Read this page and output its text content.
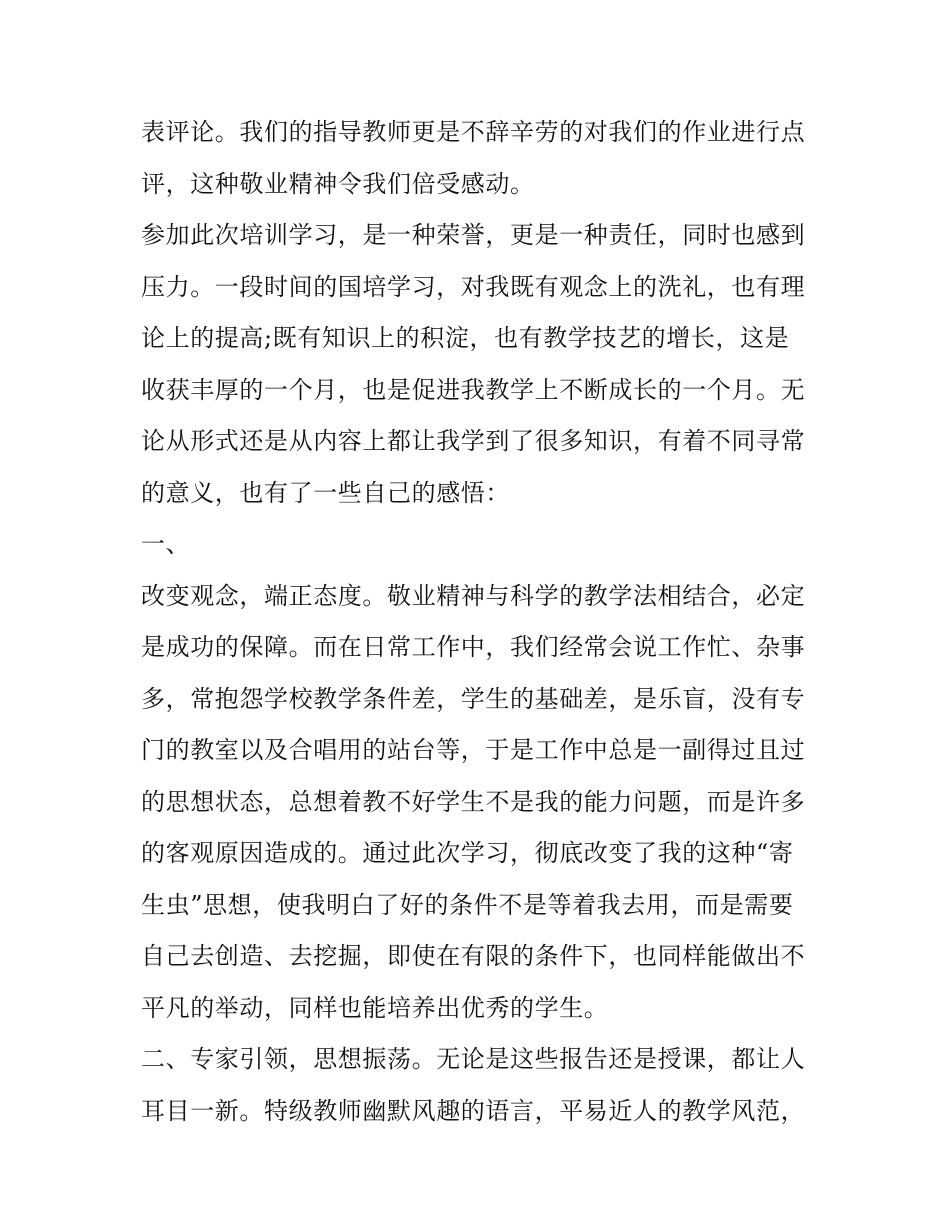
表评论。我们的指导教师更是不辞辛劳的对我们的作业进行点
评，这种敬业精神令我们倍受感动。
参加此次培训学习，是一种荣誉，更是一种责任，同时也感到
压力。一段时间的国培学习，对我既有观念上的洗礼，也有理
论上的提高;既有知识上的积淀，也有教学技艺的增长，这是
收获丰厚的一个月，也是促进我教学上不断成长的一个月。无
论从形式还是从内容上都让我学到了很多知识，有着不同寻常
的意义，也有了一些自己的感悟：
一、
改变观念，端正态度。敬业精神与科学的教学法相结合，必定
是成功的保障。而在日常工作中，我们经常会说工作忙、杂事
多，常抱怨学校教学条件差，学生的基础差，是乐盲，没有专
门的教室以及合唱用的站台等，于是工作中总是一副得过且过
的思想状态，总想着教不好学生不是我的能力问题，而是许多
的客观原因造成的。通过此次学习，彻底改变了我的这种“寄
生虫”思想，使我明白了好的条件不是等着我去用，而是需要
自己去创造、去挖掘，即使在有限的条件下，也同样能做出不
平凡的举动，同样也能培养出优秀的学生。
二、专家引领，思想振荡。无论是这些报告还是授课，都让人
耳目一新。特级教师幽默风趣的语言，平易近人的教学风范，
